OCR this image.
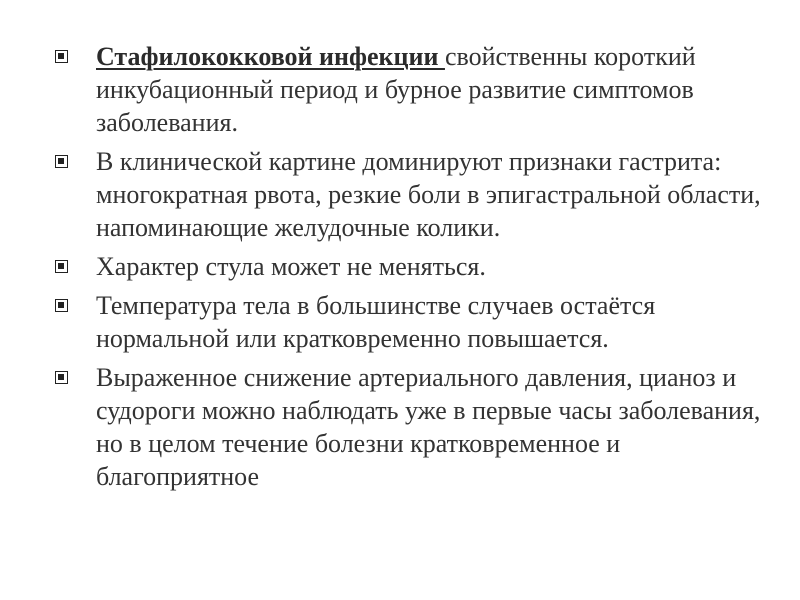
Стафилококковой инфекции свойственны короткий инкубационный период и бурное развитие симптомов заболевания.
В клинической картине доминируют признаки гастрита: многократная рвота, резкие боли в эпигастральной области, напоминающие желудочные колики.
Характер стула может не меняться.
Температура тела в большинстве случаев остаётся нормальной или кратковременно повышается.
Выраженное снижение артериального давления, цианоз и судороги можно наблюдать уже в первые часы заболевания, но в целом течение болезни кратковременное и благоприятное
